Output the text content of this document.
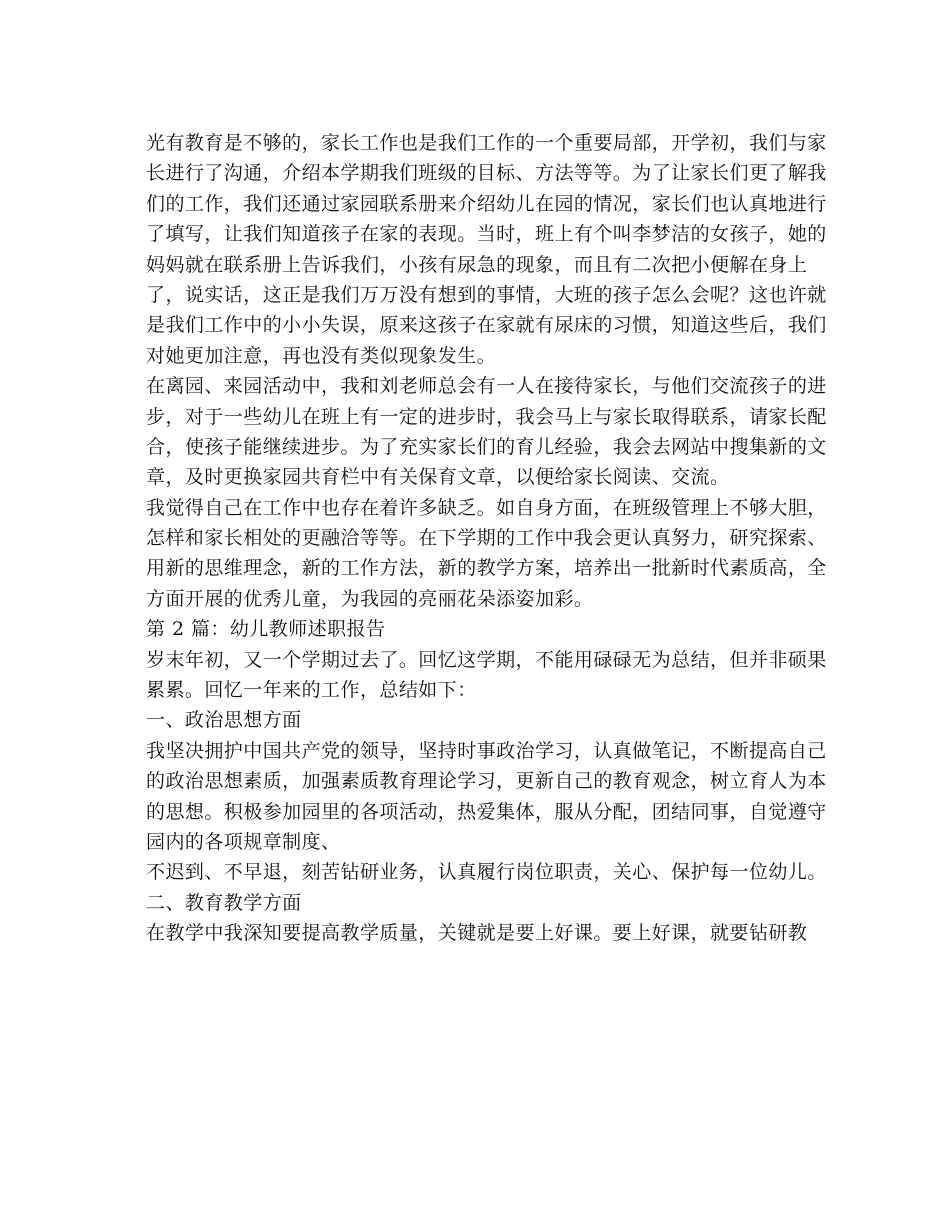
光有教育是不够的，家长工作也是我们工作的一个重要局部，开学初，我们与家
长进行了沟通，介绍本学期我们班级的目标、方法等等。为了让家长们更了解我
们的工作，我们还通过家园联系册来介绍幼儿在园的情况，家长们也认真地进行
了填写，让我们知道孩子在家的表现。当时，班上有个叫李梦洁的女孩子，她的
妈妈就在联系册上告诉我们，小孩有尿急的现象，而且有二次把小便解在身上
了，说实话，这正是我们万万没有想到的事情，大班的孩子怎么会呢？这也许就
是我们工作中的小小失误，原来这孩子在家就有尿床的习惯，知道这些后，我们
对她更加注意，再也没有类似现象发生。
在离园、来园活动中，我和刘老师总会有一人在接待家长，与他们交流孩子的进
步，对于一些幼儿在班上有一定的进步时，我会马上与家长取得联系，请家长配
合，使孩子能继续进步。为了充实家长们的育儿经验，我会去网站中搜集新的文
章，及时更换家园共育栏中有关保育文章，以便给家长阅读、交流。
我觉得自己在工作中也存在着许多缺乏。如自身方面，在班级管理上不够大胆，
怎样和家长相处的更融洽等等。在下学期的工作中我会更认真努力，研究探索、
用新的思维理念，新的工作方法，新的教学方案，培养出一批新时代素质高，全
方面开展的优秀儿童，为我园的亮丽花朵添姿加彩。
第 2 篇：幼儿教师述职报告
岁末年初，又一个学期过去了。回忆这学期，不能用碌碌无为总结，但并非硕果
累累。回忆一年来的工作，总结如下：
一、政治思想方面
我坚决拥护中国共产党的领导，坚持时事政治学习，认真做笔记，不断提高自己
的政治思想素质，加强素质教育理论学习，更新自己的教育观念，树立育人为本
的思想。积极参加园里的各项活动，热爱集体，服从分配，团结同事，自觉遵守
园内的各项规章制度、
不迟到、不早退，刻苦钻研业务，认真履行岗位职责，关心、保护每一位幼儿。
二、教育教学方面
在教学中我深知要提高教学质量，关键就是要上好课。要上好课，就要钻研教
